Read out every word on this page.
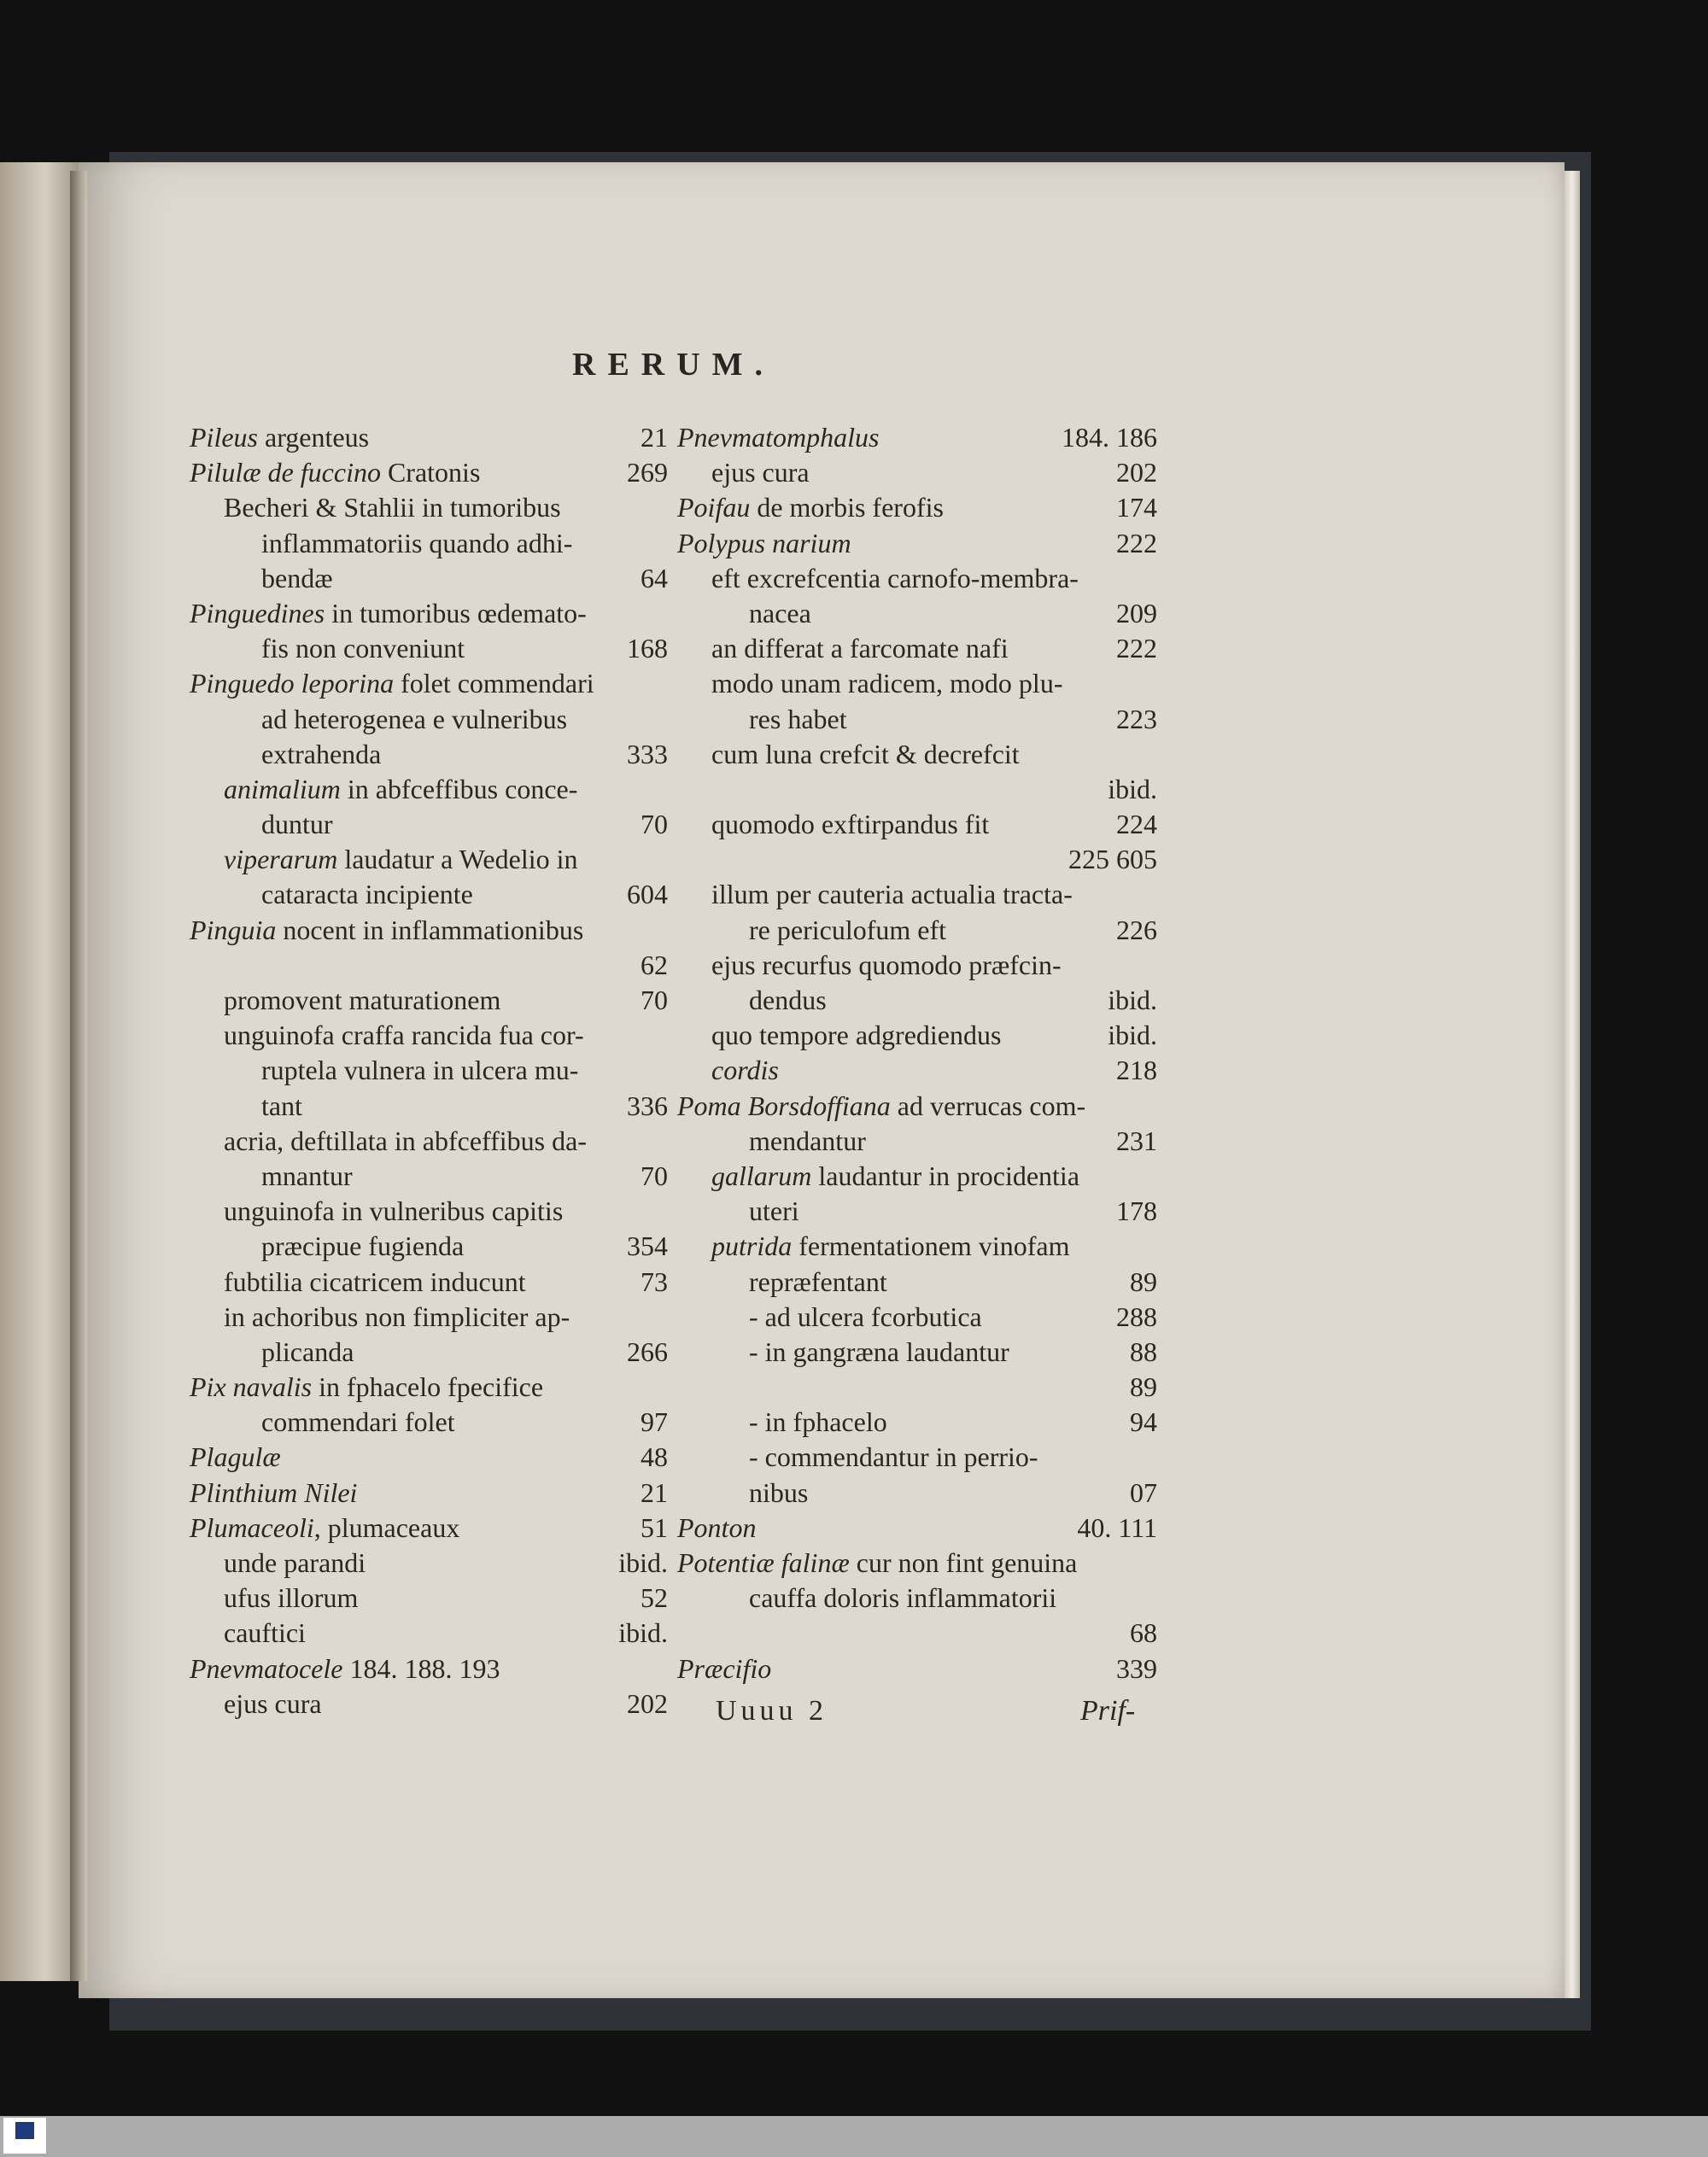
RERUM.
Pileus argenteus	21
Pilulæ de fuccino Cratonis	269
Becheri & Stahlii in tumoribus
inflammatoriis quando adhi-
bendæ	64
Pinguedines in tumoribus œdemato-
fis non conveniunt	168
Pinguedo leporina folet commendari
ad heterogenea e vulneribus
extrahenda	333
animalium in abfceffibus conce-
duntur	70
viperarum laudatur a Wedelio in
cataracta incipiente	604
Pinguia nocent in inflammationibus
62
promovent maturationem	70
unguinofa craffa rancida fua cor-
ruptela vulnera in ulcera mu-
tant	336
acria, deftillata in abfceffibus da-
mnantur	70
unguinofa in vulneribus capitis
præcipue fugienda	354
fubtilia cicatricem inducunt	73
in achoribus non fimpliciter ap-
plicanda	266
Pix navalis in fphacelo fpecifice
commendari folet	97
Plagulæ	48
Plinthium Nilei	21
Plumaceoli, plumaceaux	51
unde parandi	ibid.
ufus illorum	52
cauftici	ibid.
Pnevmatocele 184. 188. 193
ejus cura	202
Pnevmatomphalus	184. 186
ejus cura	202
Poifau de morbis ferofis	174
Polypus narium	222
eft excrefcentia carnofo-membra-
nacea	209
an differat a farcomate nafi	222
modo unam radicem, modo plu-
res habet	223
cum luna crefcit & decrefcit
ibid.
quomodo exftirpandus fit	224
225 605
illum per cauteria actualia tracta-
re periculofum eft	226
ejus recurfus quomodo præfcin-
dendus	ibid.
quo tempore adgrediendus	ibid.
cordis	218
Poma Borsdoffiana ad verrucas com-
mendantur	231
gallarum laudantur in procidentia
uteri	178
putrida fermentationem vinofam
repræfentant	89
- ad ulcera fcorbutica	288
- in gangræna laudantur	88
89
- in fphacelo	94
- commendantur in perrio-
nibus	07
Ponton	40. 111
Potentiæ falinæ cur non fint genuina
cauffa doloris inflammatorii
68
Præcifio	339
Uuuu 2	Prif-
